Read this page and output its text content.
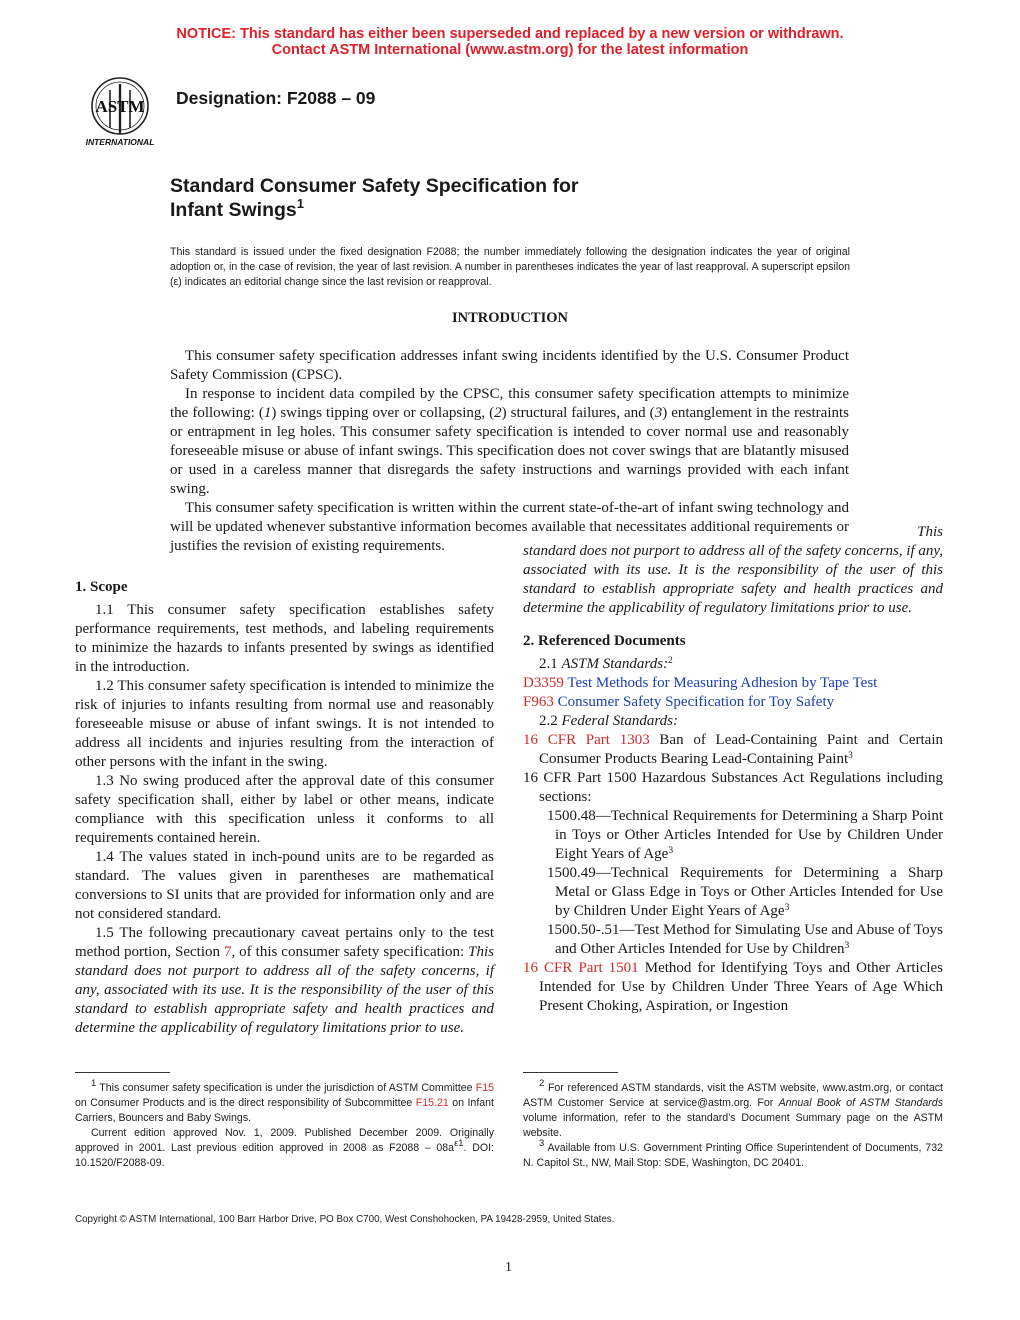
NOTICE: This standard has either been superseded and replaced by a new version or withdrawn.
Contact ASTM International (www.astm.org) for the latest information
ASTM
INTERNATIONAL
Designation: F2088 – 09
Standard Consumer Safety Specification for
Infant Swings$^1$
This standard is issued under the fixed designation F2088; the number immediately following the designation indicates the year of original adoption or, in the case of revision, the year of last revision. A number in parentheses indicates the year of last reapproval. A superscript epsilon (ε) indicates an editorial change since the last revision or reapproval.
INTRODUCTION

This consumer safety specification addresses infant swing incidents identified by the U.S. Consumer Product Safety Commission (CPSC).

In response to incident data compiled by the CPSC, this consumer safety specification attempts to minimize the following: (1) swings tipping over or collapsing, (2) structural failures, and (3) entanglement in the restraints or entrapment in leg holes. This consumer safety specification is intended to cover normal use and reasonably foreseeable misuse or abuse of infant swings. This specification does not cover swings that are blatantly misused or used in a careless manner that disregards the safety instructions and warnings provided with each infant swing.

This consumer safety specification is written within the current state-of-the-art of infant swing technology and will be updated whenever substantive information becomes available that necessitates additional requirements or justifies the revision of existing requirements.

1. Scope

1.1 This consumer safety specification establishes safety performance requirements, test methods, and labeling requirements to minimize the hazards to infants presented by swings as identified in the introduction.

1.2 This consumer safety specification is intended to minimize the risk of injuries to infants resulting from normal use and reasonably foreseeable misuse or abuse of infant swings. It is not intended to address all incidents and injuries resulting from the interaction of other persons with the infant in the swing.

1.3 No swing produced after the approval date of this consumer safety specification shall, either by label or other means, indicate compliance with this specification unless it conforms to all requirements contained herein.

1.4 The values stated in inch-pound units are to be regarded as standard. The values given in parentheses are mathematical conversions to SI units that are provided for information only and are not considered standard.

1.5 The following precautionary caveat pertains only to the test method portion, Section 7, of this consumer safety specification: This standard does not purport to address all of the safety concerns, if any, associated with its use. It is the responsibility of the user of this standard to establish appropriate safety and health practices and determine the applicability of regulatory limitations prior to use.

This standard does not purport to address all of the safety concerns, if any, associated with its use. It is the responsibility of the user of this standard to establish appropriate safety and health practices and determine the applicability of regulatory limitations prior to use.

2. Referenced Documents

2.1 ASTM Standards:$^2$

D3359 Test Methods for Measuring Adhesion by Tape Test

F963 Consumer Safety Specification for Toy Safety

2.2 Federal Standards:

16 CFR Part 1303 Ban of Lead-Containing Paint and Certain Consumer Products Bearing Lead-Containing Paint$^3$

16 CFR Part 1500 Hazardous Substances Act Regulations including sections:

1500.48—Technical Requirements for Determining a Sharp Point in Toys or Other Articles Intended for Use by Children Under Eight Years of Age$^3$

1500.49—Technical Requirements for Determining a Sharp Metal or Glass Edge in Toys or Other Articles Intended for Use by Children Under Eight Years of Age$^3$

1500.50-.51—Test Method for Simulating Use and Abuse of Toys and Other Articles Intended for Use by Children$^3$

16 CFR Part 1501 Method for Identifying Toys and Other Articles Intended for Use by Children Under Three Years of Age Which Present Choking, Aspiration, or Ingestion

$^1$ This consumer safety specification is under the jurisdiction of ASTM Committee F15 on Consumer Products and is the direct responsibility of Subcommittee F15.21 on Infant Carriers, Bouncers and Baby Swings.

Current edition approved Nov. 1, 2009. Published December 2009. Originally approved in 2001. Last previous edition approved in 2008 as $F2088 - 08a^{\varepsilon 1}$. DOI: 10.1520/F2088-09.

$^2$ For referenced ASTM standards, visit the ASTM website, www.astm.org, or contact ASTM Customer Service at service@astm.org. For Annual Book of ASTM Standards volume information, refer to the standard’s Document Summary page on the ASTM website.

$^3$ Available from U.S. Government Printing Office Superintendent of Documents, 732 N. Capitol St., NW, Mail Stop: SDE, Washington, DC 20401.

Copyright © ASTM International, 100 Barr Harbor Drive, PO Box C700, West Conshohocken, PA 19428-2959, United States.
1
